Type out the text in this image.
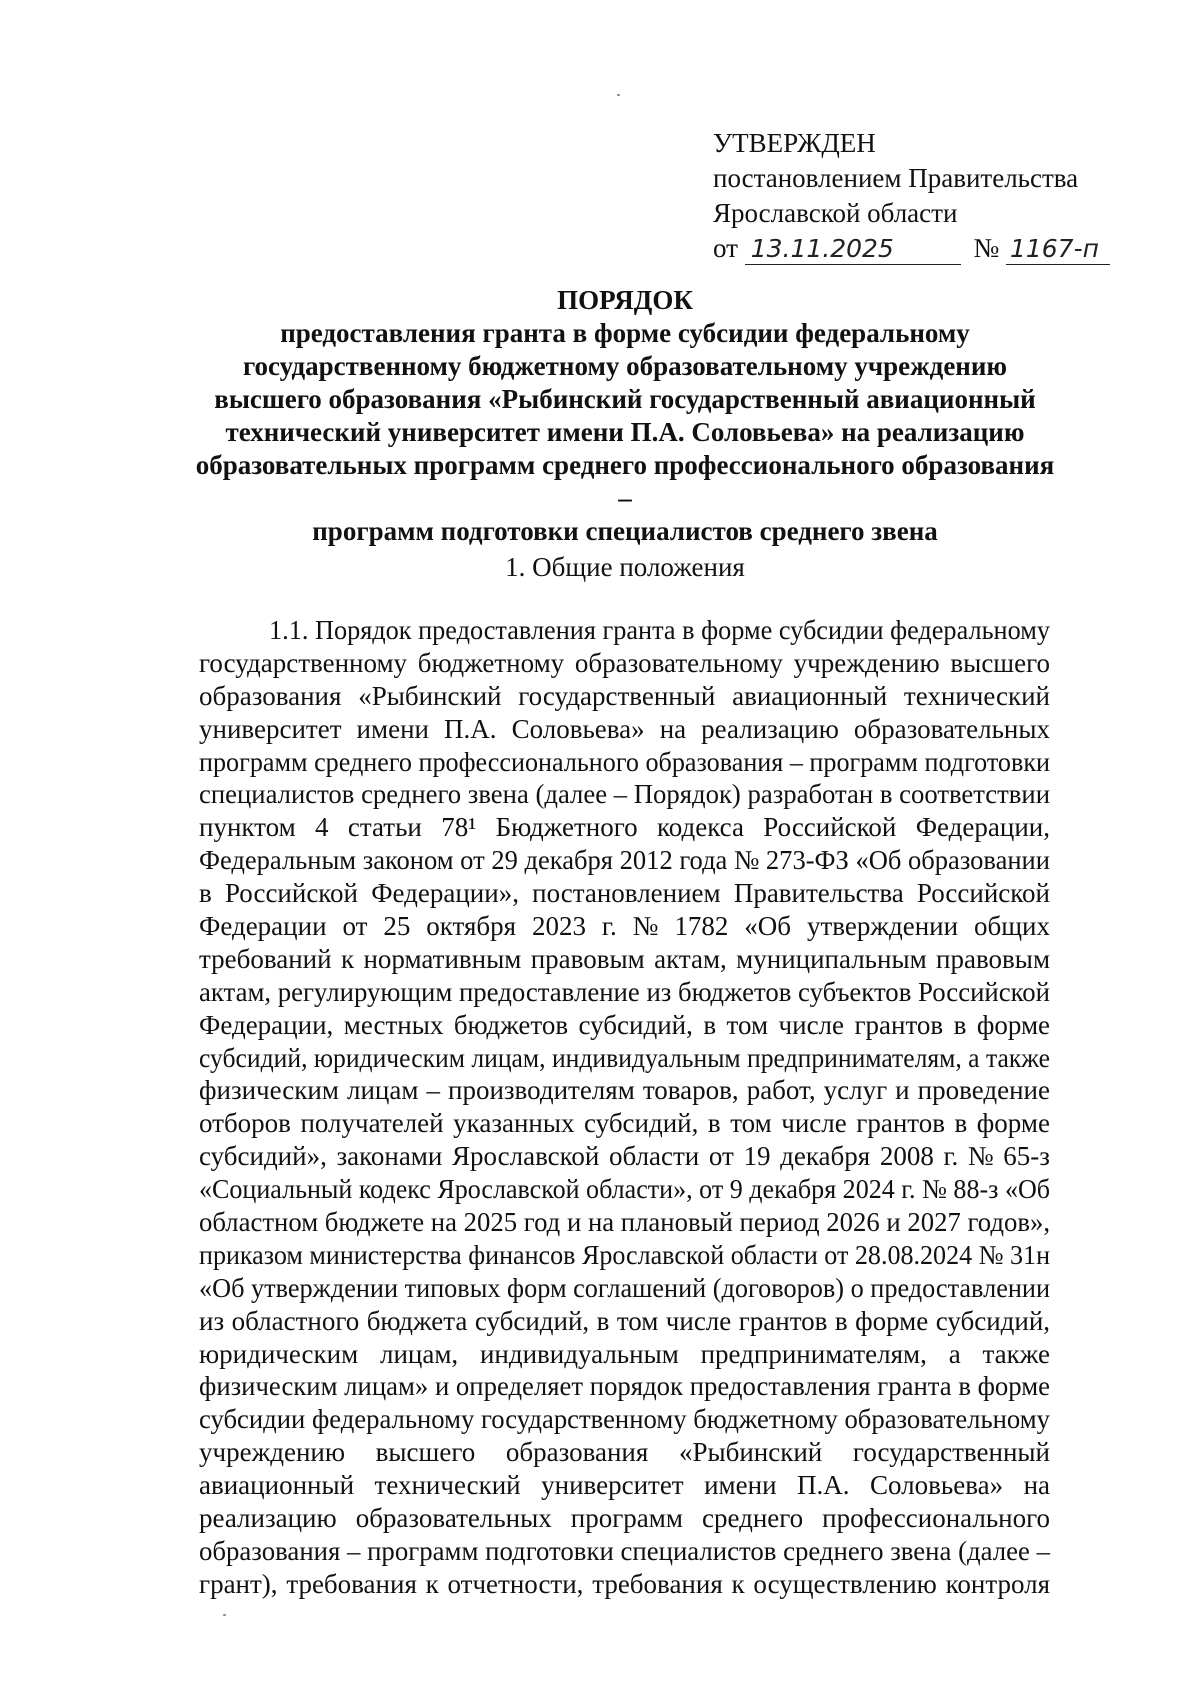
УТВЕРЖДЕН
постановлением Правительства
Ярославской области
от 13.11.2025	№ 1167-п
ПОРЯДОК
предоставления гранта в форме субсидии федеральному
государственному бюджетному образовательному учреждению
высшего образования «Рыбинский государственный авиационный
технический университет имени П.А. Соловьева» на реализацию
образовательных программ среднего профессионального образования –
программ подготовки специалистов среднего звена
1. Общие положения
1.1. Порядок предоставления гранта в форме субсидии федеральному
государственному бюджетному образовательному учреждению высшего
образования «Рыбинский государственный авиационный технический
университет имени П.А. Соловьева» на реализацию образовательных
программ среднего профессионального образования – программ подготовки
специалистов среднего звена (далее – Порядок) разработан в соответствии
пунктом 4 статьи 78¹ Бюджетного кодекса Российской Федерации,
Федеральным законом от 29 декабря 2012 года № 273-ФЗ «Об образовании
в Российской Федерации», постановлением Правительства Российской
Федерации от 25 октября 2023 г. № 1782 «Об утверждении общих
требований к нормативным правовым актам, муниципальным правовым
актам, регулирующим предоставление из бюджетов субъектов Российской
Федерации, местных бюджетов субсидий, в том числе грантов в форме
субсидий, юридическим лицам, индивидуальным предпринимателям, а также
физическим лицам – производителям товаров, работ, услуг и проведение
отборов получателей указанных субсидий, в том числе грантов в форме
субсидий», законами Ярославской области от 19 декабря 2008 г. № 65-з
«Социальный кодекс Ярославской области», от 9 декабря 2024 г. № 88-з «Об
областном бюджете на 2025 год и на плановый период 2026 и 2027 годов»,
приказом министерства финансов Ярославской области от 28.08.2024 № 31н
«Об утверждении типовых форм соглашений (договоров) о предоставлении
из областного бюджета субсидий, в том числе грантов в форме субсидий,
юридическим лицам, индивидуальным предпринимателям, а также
физическим лицам» и определяет порядок предоставления гранта в форме
субсидии федеральному государственному бюджетному образовательному
учреждению высшего образования «Рыбинский государственный
авиационный технический университет имени П.А. Соловьева» на
реализацию образовательных программ среднего профессионального
образования – программ подготовки специалистов среднего звена (далее –
грант), требования к отчетности, требования к осуществлению контроля
